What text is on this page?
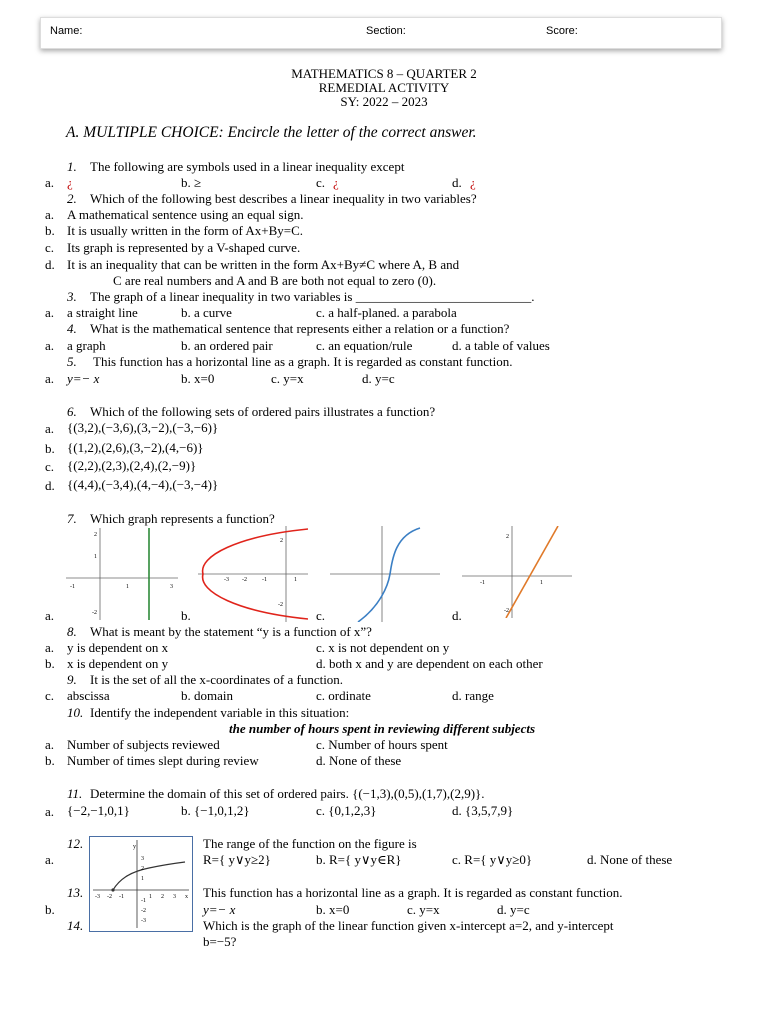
Name:	Section:	Score:
MATHEMATICS 8 – QUARTER 2
REMEDIAL ACTIVITY
SY: 2022 – 2023
A. MULTIPLE CHOICE: Encircle the letter of the correct answer.
1. The following are symbols used in a linear inequality except
a. ¿	b. ≥	c. ¿	d. ¿
2. Which of the following best describes a linear inequality in two variables?
a. A mathematical sentence using an equal sign.
b. It is usually written in the form of Ax+By=C.
c. Its graph is represented by a V-shaped curve.
d. It is an inequality that can be written in the form Ax+By≠C where A, B and
C are real numbers and A and B are both not equal to zero (0).
3. The graph of a linear inequality in two variables is ___________________________.
a. a straight line	b. a curve	c. a half-planed. a parabola
4. What is the mathematical sentence that represents either a relation or a function?
a. a graph	b. an ordered pair	c. an equation/rule	d. a table of values
5. This function has a horizontal line as a graph. It is regarded as constant function.
a. y=− x	b. x=0	c. y=x	d. y=c
6. Which of the following sets of ordered pairs illustrates a function?
a. {(3,2),(−3,6),(3,−2),(−3,−6)}
b. {(1,2),(2,6),(3,−2),(4,−6)}
c. {(2,2),(2,3),(2,4),(2,−9)}
d. {(4,4),(−3,4),(4,−4),(−3,−4)}
7. Which graph represents a function?
-1	1	3
2
1
-2
a.
-3 -2	-1	1
2
-2
b.	c.
-1	1
2
-2
d.
8. What is meant by the statement “y is a function of x”?
a. y is dependent on x	c. x is not dependent on y
b. x is dependent on y	d. both x and y are dependent on each other
9. It is the set of all the x-coordinates of a function.
c. abscissa	b. domain	c. ordinate	d. range
10. Identify the independent variable in this situation:
the number of hours spent in reviewing different subjects
a. Number of subjects reviewed	c. Number of hours spent
b. Number of times slept during review	d. None of these
11. Determine the domain of this set of ordered pairs. {(−1,3),(0,5),(1,7),(2,9)}.
a. {−2,−1,0,1}	b. {−1,0,1,2}	c. {0,1,2,3}	d. {3,5,7,9}
12.
a.
y
x
3
2
1
-1
-2
-3
-3 -2 -1	1 2 3
The range of the function on the figure is
R={ y∨y≥2}	b. R={ y∨y∈R}	c. R={ y∨y≥0}	d. None of these
13.
b.
This function has a horizontal line as a graph. It is regarded as constant function.
y=− x	b. x=0	c. y=x	d. y=c
14.	Which is the graph of the linear function given x-intercept a=2, and y-intercept
b=−5?
